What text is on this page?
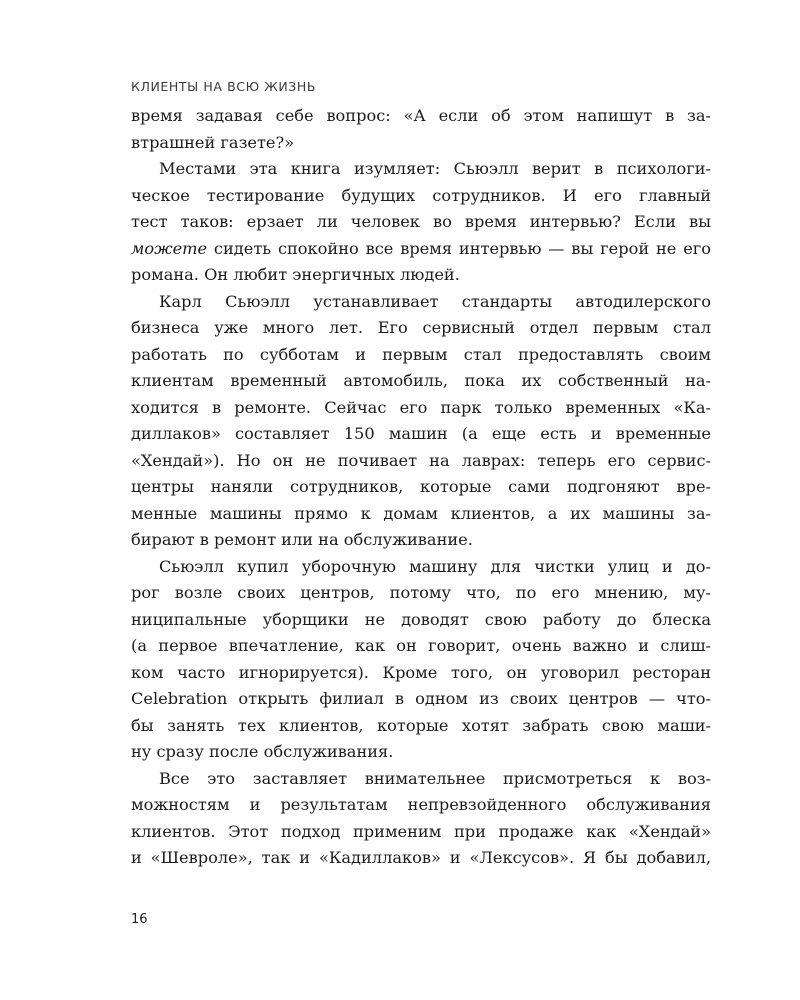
КЛИЕНТЫ НА ВСЮ ЖИЗНЬ
время задавая себе вопрос: «А если об этом напишут в за-
втрашней газете?»
Местами эта книга изумляет: Сьюэлл верит в психологи-
ческое тестирование будущих сотрудников. И его главный
тест таков: ерзает ли человек во время интервью? Если вы
можете сидеть спокойно все время интервью — вы герой не его
романа. Он любит энергичных людей.
Карл Сьюэлл устанавливает стандарты автодилерского
бизнеса уже много лет. Его сервисный отдел первым стал
работать по субботам и первым стал предоставлять своим
клиентам временный автомобиль, пока их собственный на-
ходится в ремонте. Сейчас его парк только временных «Ка-
диллаков» составляет 150 машин (а еще есть и временные
«Хендай»). Но он не почивает на лаврах: теперь его сервис-
центры наняли сотрудников, которые сами подгоняют вре-
менные машины прямо к домам клиентов, а их машины за-
бирают в ремонт или на обслуживание.
Сьюэлл купил уборочную машину для чистки улиц и до-
рог возле своих центров, потому что, по его мнению, му-
ниципальные уборщики не доводят свою работу до блеска
(а первое впечатление, как он говорит, очень важно и слиш-
ком часто игнорируется). Кроме того, он уговорил ресторан
Celebration открыть филиал в одном из своих центров — что-
бы занять тех клиентов, которые хотят забрать свою маши-
ну сразу после обслуживания.
Все это заставляет внимательнее присмотреться к воз-
можностям и результатам непревзойденного обслуживания
клиентов. Этот подход применим при продаже как «Хендай»
и «Шевроле», так и «Кадиллаков» и «Лексусов». Я бы добавил,
16
